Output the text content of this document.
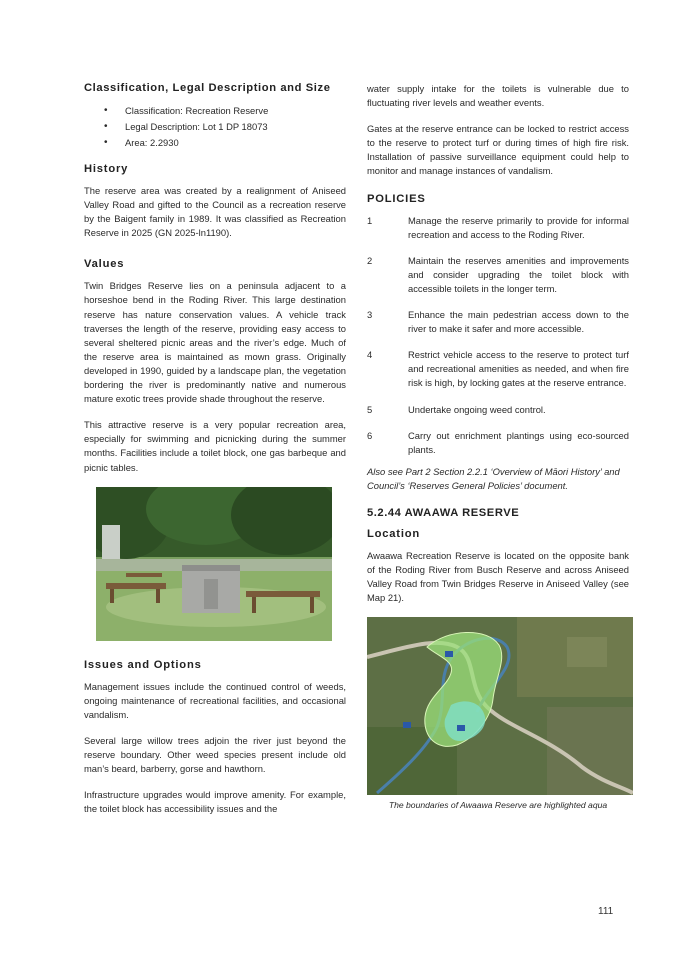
Classification, Legal Description and Size
• Classification: Recreation Reserve
• Legal Description: Lot 1 DP 18073
• Area: 2.2930
History

The reserve area was created by a realignment of Aniseed Valley Road and gifted to the Council as a recreation reserve by the Baigent family in 1989. It was classified as Recreation Reserve in 2025 (GN 2025-ln1190).

Values

Twin Bridges Reserve lies on a peninsula adjacent to a horseshoe bend in the Roding River. This large destination reserve has nature conservation values. A vehicle track traverses the length of the reserve, providing easy access to several sheltered picnic areas and the river’s edge. Much of the reserve area is maintained as mown grass. Originally developed in 1990, guided by a landscape plan, the vegetation bordering the river is predominantly native and numerous mature exotic trees provide shade throughout the reserve.

This attractive reserve is a very popular recreation area, especially for swimming and picnicking during the summer months. Facilities include a toilet block, one gas barbeque and picnic tables.

Issues and Options

Management issues include the continued control of weeds, ongoing maintenance of recreational facilities, and occasional vandalism.

Several large willow trees adjoin the river just beyond the reserve boundary. Other weed species present include old man’s beard, barberry, gorse and hawthorn.

Infrastructure upgrades would improve amenity. For example, the toilet block has accessibility issues and the

water supply intake for the toilets is vulnerable due to fluctuating river levels and weather events.

Gates at the reserve entrance can be locked to restrict access to the reserve to protect turf or during times of high fire risk. Installation of passive surveillance equipment could help to monitor and manage instances of vandalism.

POLICIES
1	Manage the reserve primarily to provide for informal recreation and access to the Roding River.
2	Maintain the reserves amenities and improvements and consider upgrading the toilet block with accessible toilets in the longer term.
3	Enhance the main pedestrian access down to the river to make it safer and more accessible.
4	Restrict vehicle access to the reserve to protect turf and recreational amenities as needed, and when fire risk is high, by locking gates at the reserve entrance.
5	Undertake ongoing weed control.
6	Carry out enrichment plantings using eco-sourced plants.

Also see Part 2 Section 2.2.1 ‘Overview of Māori History’ and Council’s ‘Reserves General Policies’ document.

5.2.44 AWAAWA RESERVE
Location

Awaawa Recreation Reserve is located on the opposite bank of the Roding River from Busch Reserve and across Aniseed Valley Road from Twin Bridges Reserve in Aniseed Valley (see Map 21).

The boundaries of Awaawa Reserve are highlighted aqua

111
